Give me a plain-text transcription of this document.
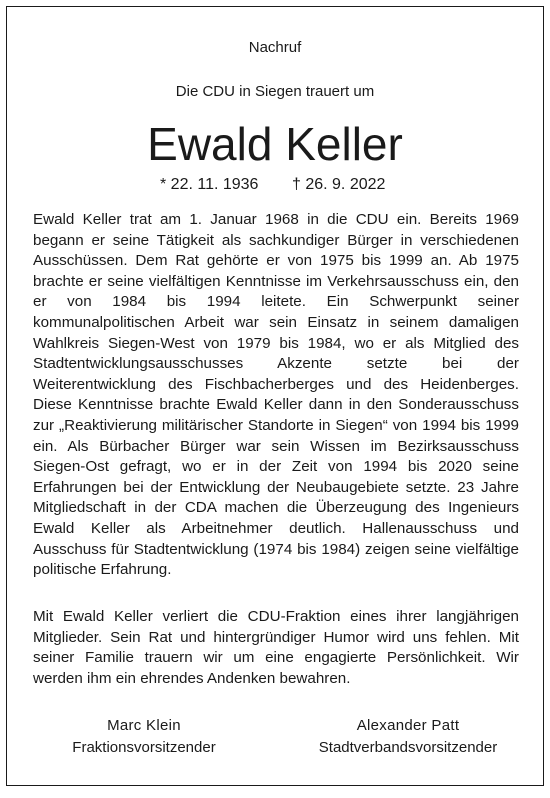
Nachruf
Die CDU in Siegen trauert um
Ewald Keller
* 22. 11. 1936 † 26. 9. 2022
Ewald Keller trat am 1. Januar 1968 in die CDU ein. Bereits 1969 begann er seine Tätigkeit als sachkundiger Bürger in verschiedenen Ausschüssen. Dem Rat gehörte er von 1975 bis 1999 an. Ab 1975 brachte er seine vielfältigen Kenntnisse im Verkehrsausschuss ein, den er von 1984 bis 1994 leitete. Ein Schwerpunkt seiner kommunalpolitischen Arbeit war sein Einsatz in seinem damaligen Wahlkreis Siegen-West von 1979 bis 1984, wo er als Mitglied des Stadtentwicklungsausschusses Akzente setzte bei der Weiterentwicklung des Fischbacherberges und des Heidenberges. Diese Kenntnisse brachte Ewald Keller dann in den Sonderausschuss zur „Reaktivierung militärischer Standorte in Siegen“ von 1994 bis 1999 ein. Als Bürbacher Bürger war sein Wissen im Bezirksausschuss Siegen-Ost gefragt, wo er in der Zeit von 1994 bis 2020 seine Erfahrungen bei der Entwicklung der Neubaugebiete setzte. 23 Jahre Mitgliedschaft in der CDA machen die Überzeugung des Ingenieurs Ewald Keller als Arbeitnehmer deutlich. Hallenausschuss und Ausschuss für Stadtentwicklung (1974 bis 1984) zeigen seine vielfältige politische Erfahrung.
Mit Ewald Keller verliert die CDU-Fraktion eines ihrer langjährigen Mitglieder. Sein Rat und hintergründiger Humor wird uns fehlen. Mit seiner Familie trauern wir um eine engagierte Persönlichkeit. Wir werden ihm ein ehrendes Andenken bewahren.
Marc Klein
Fraktionsvorsitzender
Alexander Patt
Stadtverbandsvorsitzender
